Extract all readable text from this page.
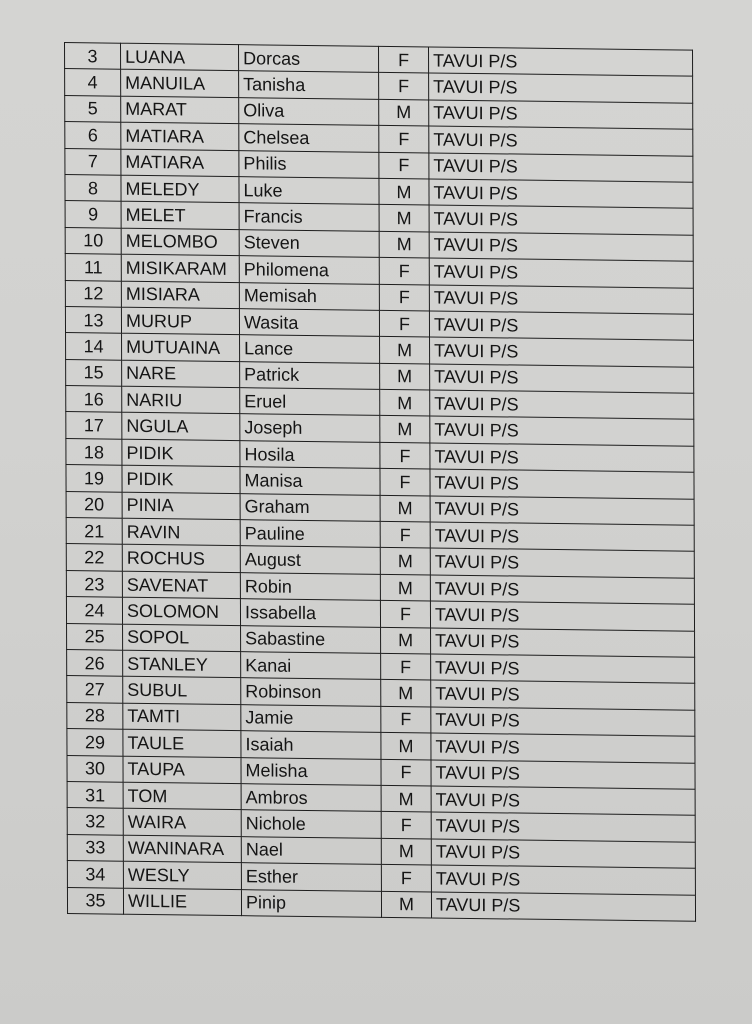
3	LUANA	Dorcas	F	TAVUI P/S
4	MANUILA	Tanisha	F	TAVUI P/S
5	MARAT	Oliva	M	TAVUI P/S
6	MATIARA	Chelsea	F	TAVUI P/S
7	MATIARA	Philis	F	TAVUI P/S
8	MELEDY	Luke	M	TAVUI P/S
9	MELET	Francis	M	TAVUI P/S
10	MELOMBO	Steven	M	TAVUI P/S
11	MISIKARAM	Philomena	F	TAVUI P/S
12	MISIARA	Memisah	F	TAVUI P/S
13	MURUP	Wasita	F	TAVUI P/S
14	MUTUAINA	Lance	M	TAVUI P/S
15	NARE	Patrick	M	TAVUI P/S
16	NARIU	Eruel	M	TAVUI P/S
17	NGULA	Joseph	M	TAVUI P/S
18	PIDIK	Hosila	F	TAVUI P/S
19	PIDIK	Manisa	F	TAVUI P/S
20	PINIA	Graham	M	TAVUI P/S
21	RAVIN	Pauline	F	TAVUI P/S
22	ROCHUS	August	M	TAVUI P/S
23	SAVENAT	Robin	M	TAVUI P/S
24	SOLOMON	Issabella	F	TAVUI P/S
25	SOPOL	Sabastine	M	TAVUI P/S
26	STANLEY	Kanai	F	TAVUI P/S
27	SUBUL	Robinson	M	TAVUI P/S
28	TAMTI	Jamie	F	TAVUI P/S
29	TAULE	Isaiah	M	TAVUI P/S
30	TAUPA	Melisha	F	TAVUI P/S
31	TOM	Ambros	M	TAVUI P/S
32	WAIRA	Nichole	F	TAVUI P/S
33	WANINARA	Nael	M	TAVUI P/S
34	WESLY	Esther	F	TAVUI P/S
35	WILLIE	Pinip	M	TAVUI P/S
